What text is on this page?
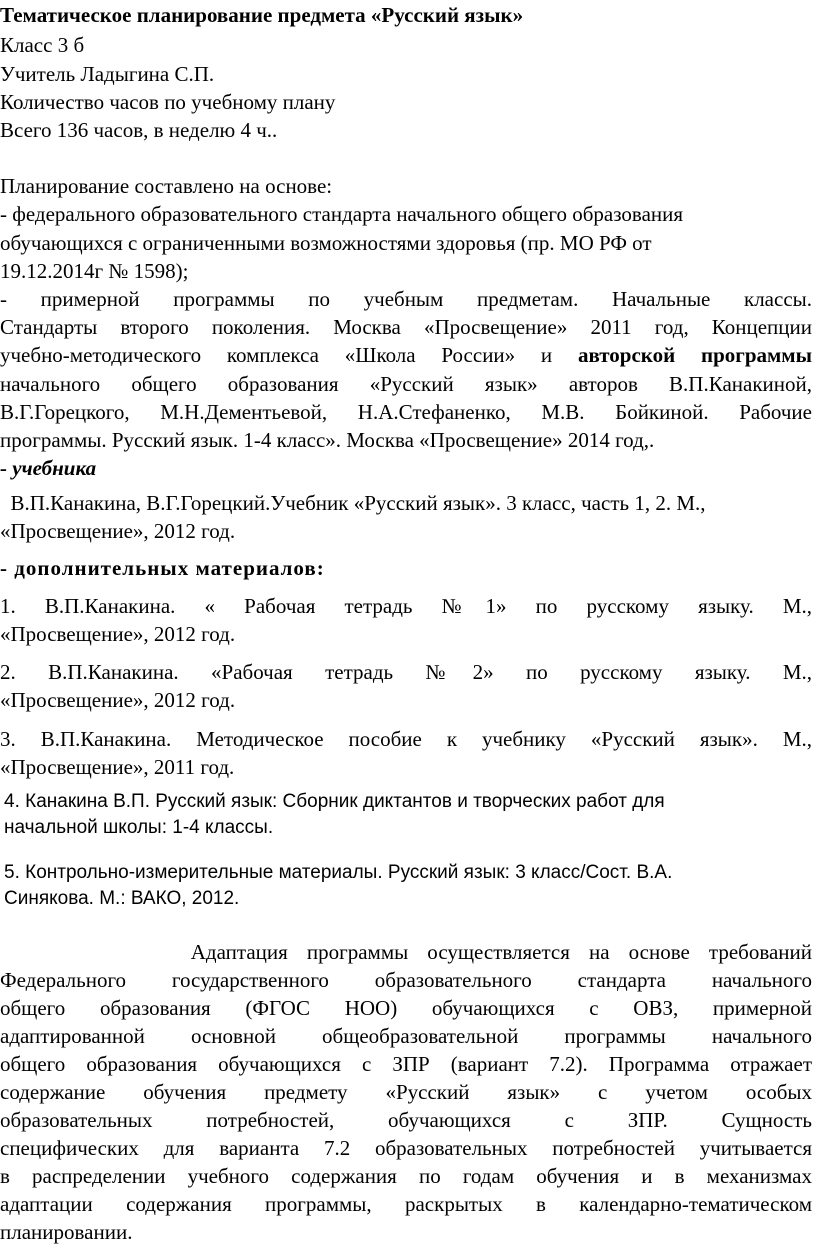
Тематическое планирование предмета «Русский язык»
Класс 3 б
Учитель Ладыгина С.П.
Количество часов по учебному плану
Всего 136 часов, в неделю 4 ч..
Планирование составлено на основе:
- федерального образовательного стандарта начального общего образования
обучающихся с ограниченными возможностями здоровья (пр. МО РФ от
19.12.2014г № 1598);
- примерной программы по учебным предметам. Начальные классы.
Стандарты второго поколения. Москва «Просвещение» 2011 год, Концепции
учебно-методического комплекса «Школа России» и авторской программы
начального общего образования «Русский язык» авторов В.П.Канакиной,
В.Г.Горецкого, М.Н.Дементьевой, Н.А.Стефаненко, М.В. Бойкиной. Рабочие
программы. Русский язык. 1-4 класс». Москва «Просвещение» 2014 год,.
- учебника
В.П.Канакина, В.Г.Горецкий.Учебник «Русский язык». 3 класс, часть 1, 2. М.,
«Просвещение», 2012 год.
- дополнительных материалов:
1. В.П.Канакина. « Рабочая тетрадь №1» по русскому языку. М.,
«Просвещение», 2012 год.
2. В.П.Канакина. «Рабочая тетрадь №2» по русскому языку. М.,
«Просвещение», 2012 год.
3. В.П.Канакина. Методическое пособие к учебнику «Русский язык». М.,
«Просвещение», 2011 год.
4. Канакина В.П. Русский язык: Сборник диктантов и творческих работ для
начальной школы: 1-4 классы.
5. Контрольно-измерительные материалы. Русский язык: 3 класс/Сост. В.А.
Синякова. М.: ВАКО, 2012.
Адаптация программы осуществляется на основе требований
Федерального государственного образовательного стандарта начального
общего образования (ФГОС НОО) обучающихся с ОВЗ, примерной
адаптированной основной общеобразовательной программы начального
общего образования обучающихся с ЗПР (вариант 7.2). Программа отражает
содержание обучения предмету «Русский язык» с учетом особых
образовательных потребностей, обучающихся с ЗПР. Сущность
специфических для варианта 7.2 образовательных потребностей учитывается
в распределении учебного содержания по годам обучения и в механизмах
адаптации содержания программы, раскрытых в календарно-тематическом
планировании.
